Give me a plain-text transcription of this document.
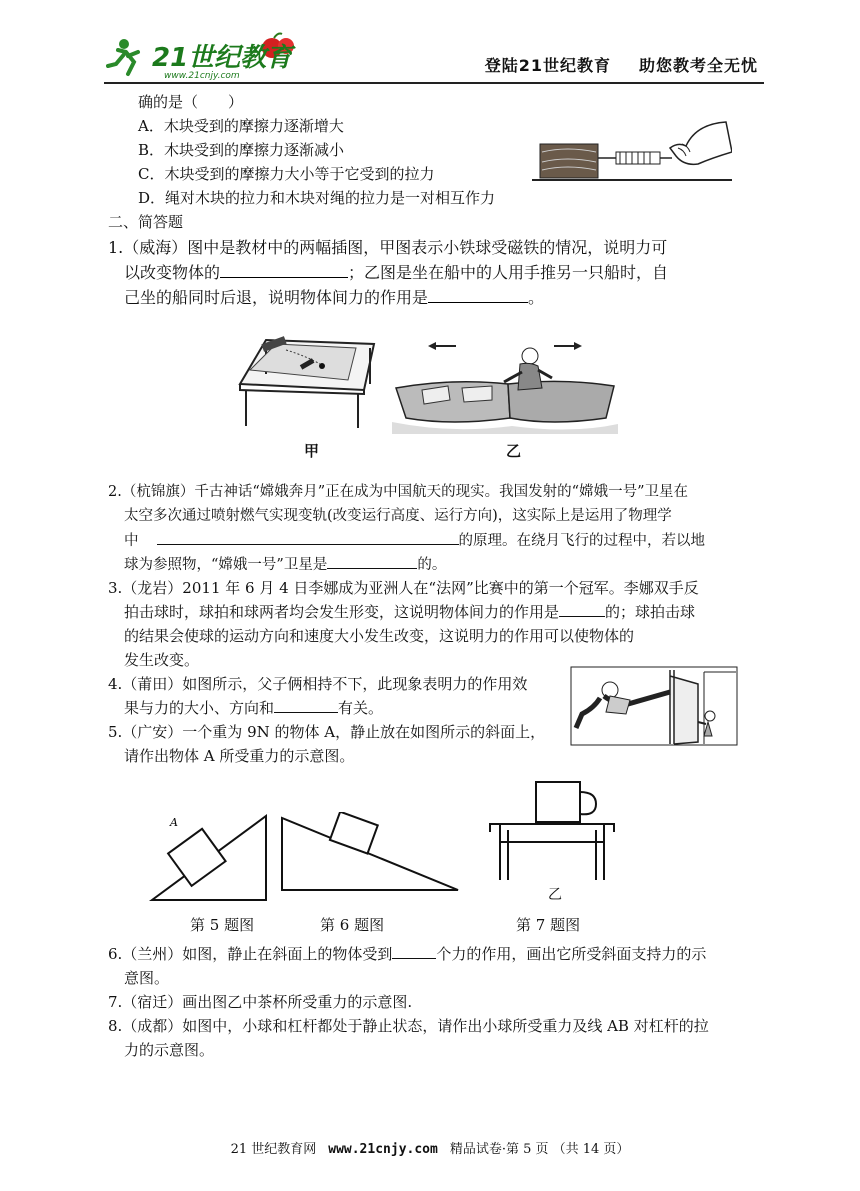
21世纪教育
www.21cnjy.com
登陆21世纪教育 助您教考全无忧
确的是（　　）
A．木块受到的摩擦力逐渐增大
B．木块受到的摩擦力逐渐减小
C．木块受到的摩擦力大小等于它受到的拉力
D．绳对木块的拉力和木块对绳的拉力是一对相互作力
二、简答题
1.（威海）图中是教材中的两幅插图，甲图表示小铁球受磁铁的情况，说明力可
以改变物体的	；乙图是坐在船中的人用手推另一只船时，自
己坐的船同时后退，说明物体间力的作用是	。
甲	乙
2.（杭锦旗）千古神话“嫦娥奔月”正在成为中国航天的现实。我国发射的“嫦娥一号”卫星在
太空多次通过喷射燃气实现变轨(改变运行高度、运行方向)，这实际上是运用了物理学
中	的原理。在绕月飞行的过程中，若以地
球为参照物，“嫦娥一号”卫星是	的。
3.（龙岩）2011 年 6 月 4 日李娜成为亚洲人在“法网”比赛中的第一个冠军。李娜双手反
拍击球时，球拍和球两者均会发生形变，这说明物体间力的作用是	的；球拍击球
的结果会使球的运动方向和速度大小发生改变，这说明力的作用可以使物体的
发生改变。
4.（莆田）如图所示，父子俩相持不下，此现象表明力的作用效
果与力的大小、方向和	有关。
5.（广安）一个重为 9N 的物体 A，静止放在如图所示的斜面上，
请作出物体 A 所受重力的示意图。
A
乙
第 5 题图	第 6 题图	第 7 题图
6.（兰州）如图，静止在斜面上的物体受到	个力的作用，画出它所受斜面支持力的示
意图。
7.（宿迁）画出图乙中茶杯所受重力的示意图.
8.（成都）如图中，小球和杠杆都处于静止状态，请作出小球所受重力及线 AB 对杠杆的拉
力的示意图。
21 世纪教育网 www.21cnjy.com 精品试卷·第 5 页 （共 14 页）
